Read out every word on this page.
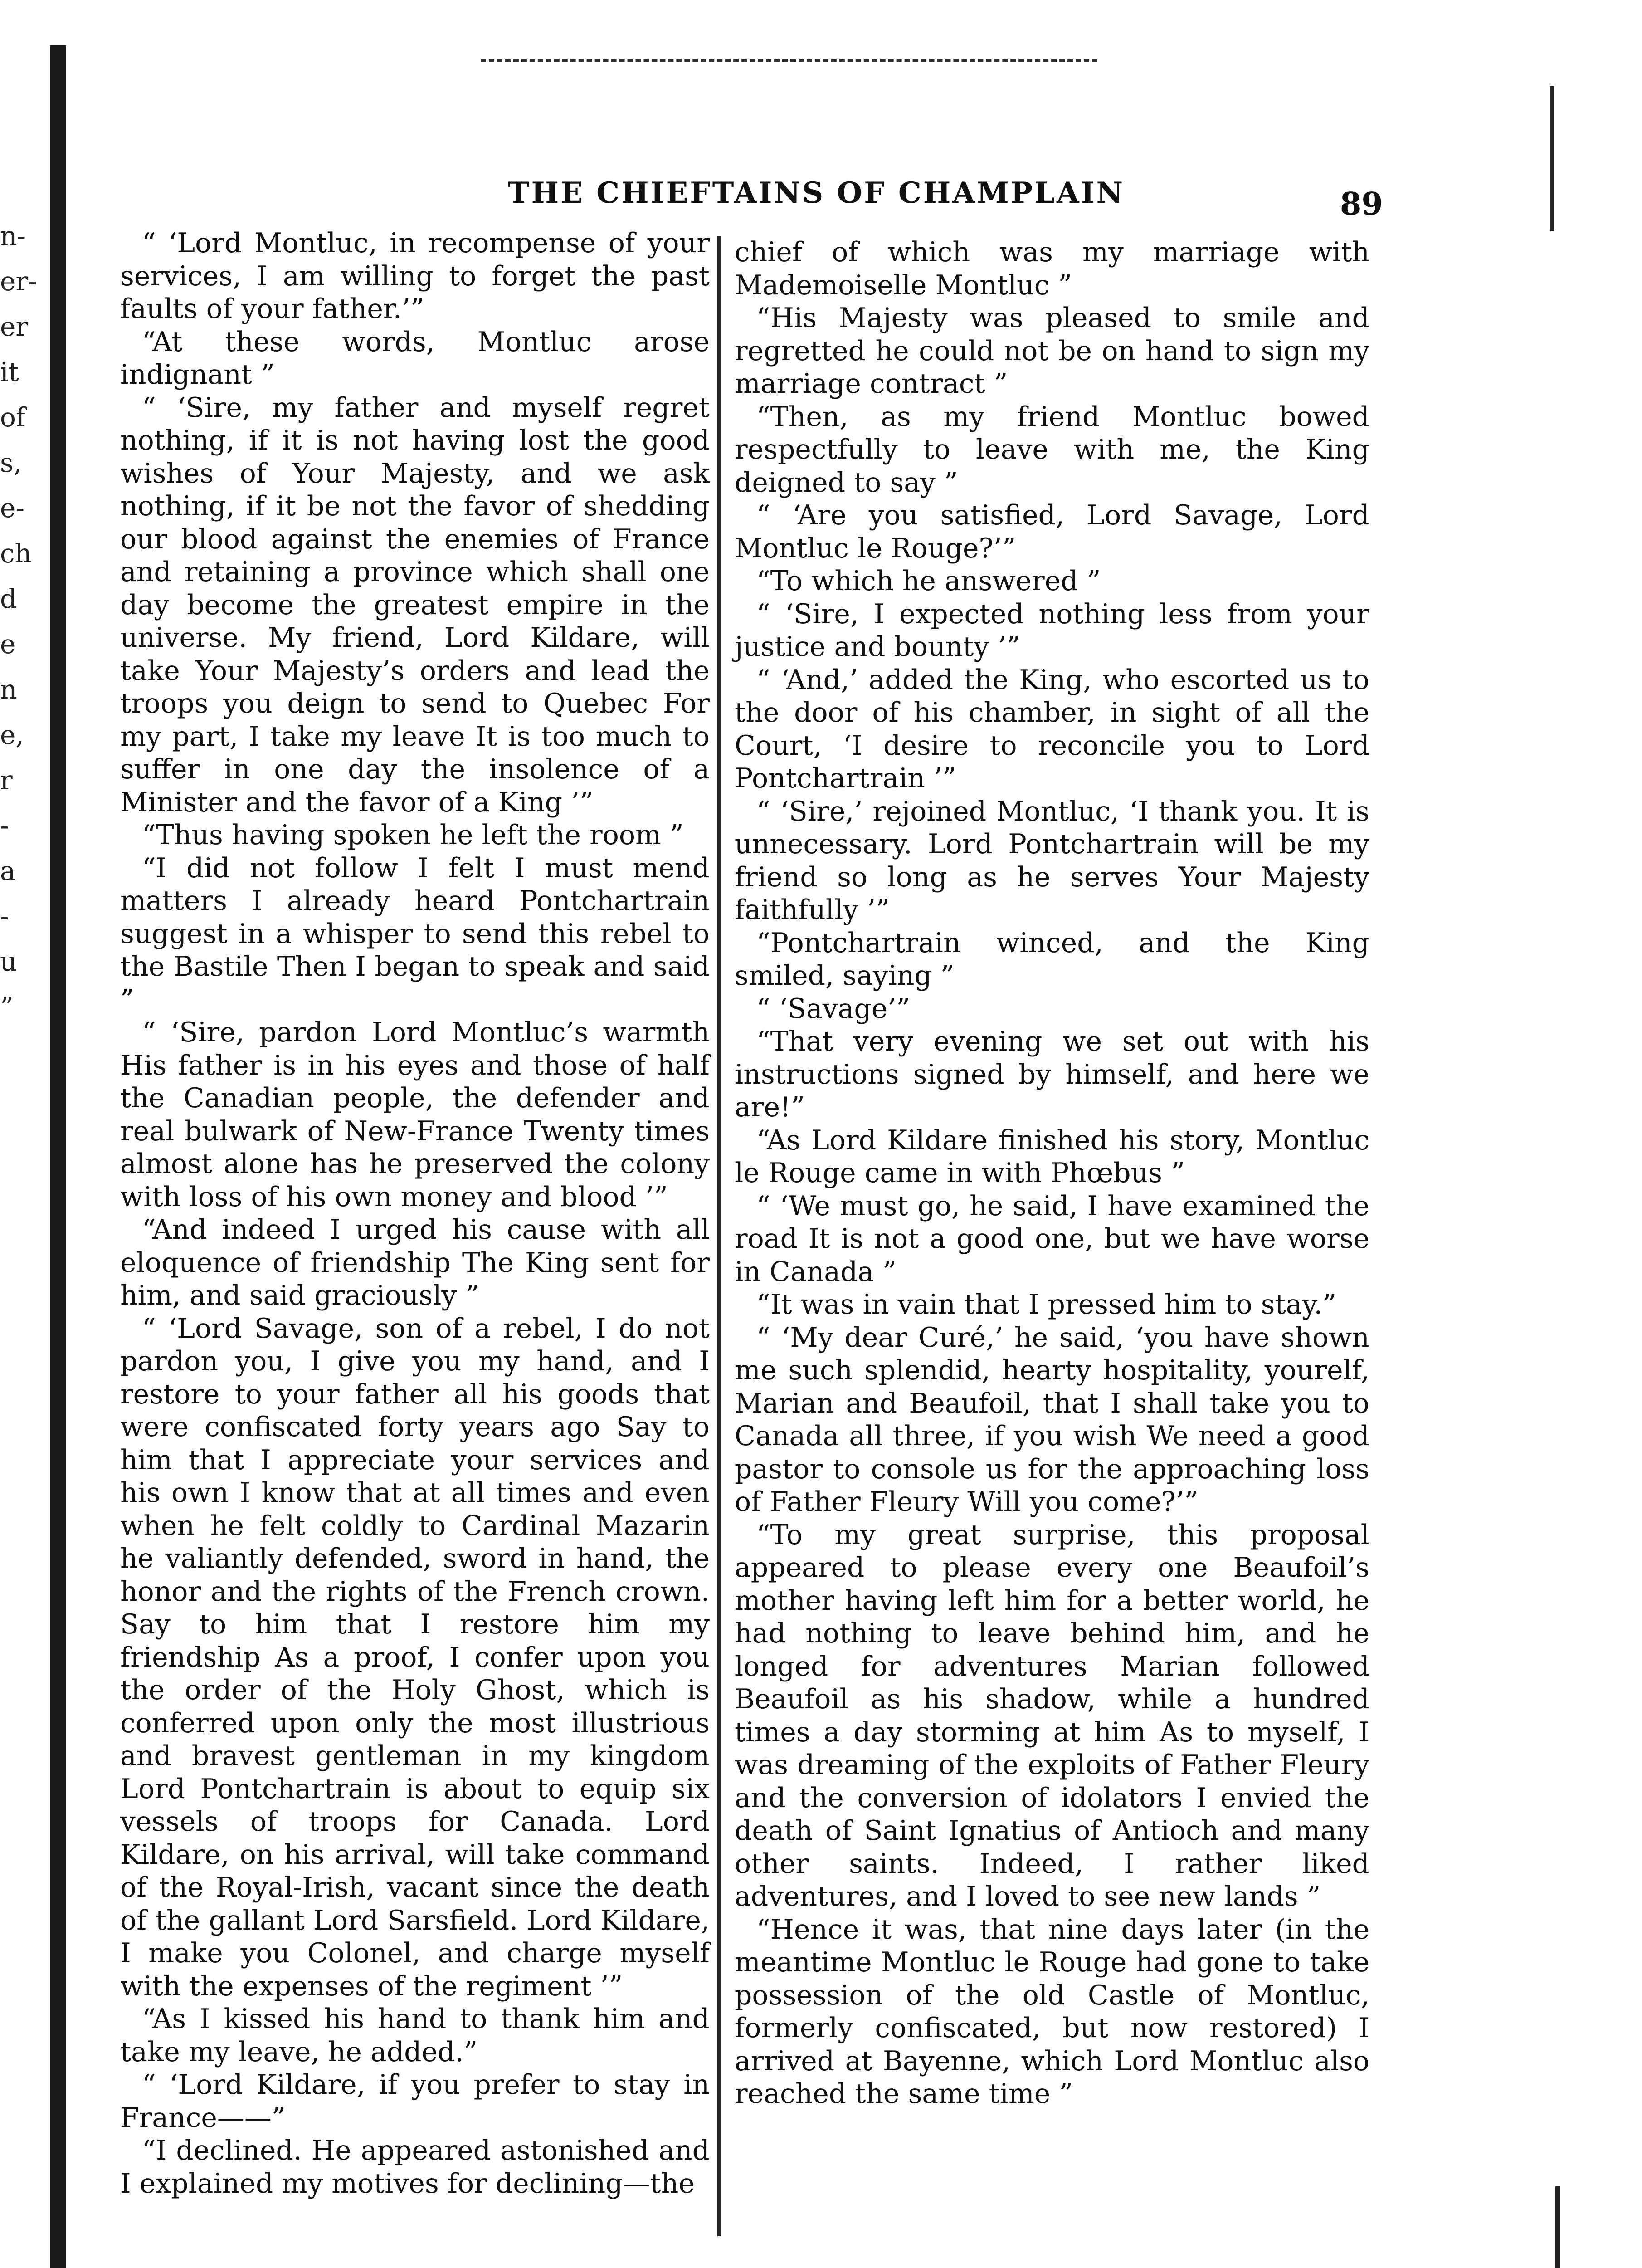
n-
er-
er
it
of
s,
e-
ch
d
e
n
e,
r
-
a
-
u
”
THE CHIEFTAINS OF CHAMPLAIN	89

“ ‘Lord Montluc, in recompense of your services, I am willing to forget the past faults of your father.’”

“At these words, Montluc arose indignant ”

“ ‘Sire, my father and myself regret nothing, if it is not having lost the good wishes of Your Majesty, and we ask nothing, if it be not the favor of shedding our blood against the enemies of France and retaining a province which shall one day become the greatest empire in the universe. My friend, Lord Kildare, will take Your Majesty’s orders and lead the troops you deign to send to Quebec For my part, I take my leave It is too much to suffer in one day the insolence of a Minister and the favor of a King ’”

“Thus having spoken he left the room ”

“I did not follow I felt I must mend matters I already heard Pontchartrain suggest in a whisper to send this rebel to the Bastile Then I began to speak and said ”

“ ‘Sire, pardon Lord Montluc’s warmth His father is in his eyes and those of half the Canadian people, the defender and real bulwark of New-France Twenty times almost alone has he preserved the colony with loss of his own money and blood ’”

“And indeed I urged his cause with all eloquence of friendship The King sent for him, and said graciously ”

“ ‘Lord Savage, son of a rebel, I do not pardon you, I give you my hand, and I restore to your father all his goods that were confiscated forty years ago Say to him that I appreciate your services and his own I know that at all times and even when he felt coldly to Cardinal Mazarin he valiantly defended, sword in hand, the honor and the rights of the French crown. Say to him that I restore him my friendship As a proof, I confer upon you the order of the Holy Ghost, which is conferred upon only the most illustrious and bravest gentleman in my kingdom Lord Pontchartrain is about to equip six vessels of troops for Canada. Lord Kildare, on his arrival, will take command of the Royal-Irish, vacant since the death of the gallant Lord Sarsfield. Lord Kildare, I make you Colonel, and charge myself with the expenses of the regiment ’”

“As I kissed his hand to thank him and take my leave, he added.”

“ ‘Lord Kildare, if you prefer to stay in France——”

“I declined. He appeared astonished and I explained my motives for declining—the

chief of which was my marriage with Mademoiselle Montluc ”

“His Majesty was pleased to smile and regretted he could not be on hand to sign my marriage contract ”

“Then, as my friend Montluc bowed respectfully to leave with me, the King deigned to say ”

“ ‘Are you satisfied, Lord Savage, Lord Montluc le Rouge?’”

“To which he answered ”

“ ‘Sire, I expected nothing less from your justice and bounty ’”

“ ‘And,’ added the King, who escorted us to the door of his chamber, in sight of all the Court, ‘I desire to reconcile you to Lord Pontchartrain ’”

“ ‘Sire,’ rejoined Montluc, ‘I thank you. It is unnecessary. Lord Pontchartrain will be my friend so long as he serves Your Majesty faithfully ’”

“Pontchartrain winced, and the King smiled, saying ”

“ ‘Savage’”

“That very evening we set out with his instructions signed by himself, and here we are!”

“As Lord Kildare finished his story, Montluc le Rouge came in with Phœbus ”

“ ‘We must go, he said, I have examined the road It is not a good one, but we have worse in Canada ”

“It was in vain that I pressed him to stay.”

“ ‘My dear Curé,’ he said, ‘you have shown me such splendid, hearty hospitality, yourelf, Marian and Beaufoil, that I shall take you to Canada all three, if you wish We need a good pastor to console us for the approaching loss of Father Fleury Will you come?’”

“To my great surprise, this proposal appeared to please every one Beaufoil’s mother having left him for a better world, he had nothing to leave behind him, and he longed for adventures Marian followed Beaufoil as his shadow, while a hundred times a day storming at him As to myself, I was dreaming of the exploits of Father Fleury and the conversion of idolators I envied the death of Saint Ignatius of Antioch and many other saints. Indeed, I rather liked adventures, and I loved to see new lands ”

“Hence it was, that nine days later (in the meantime Montluc le Rouge had gone to take possession of the old Castle of Montluc, formerly confiscated, but now restored) I arrived at Bayenne, which Lord Montluc also reached the same time ”
